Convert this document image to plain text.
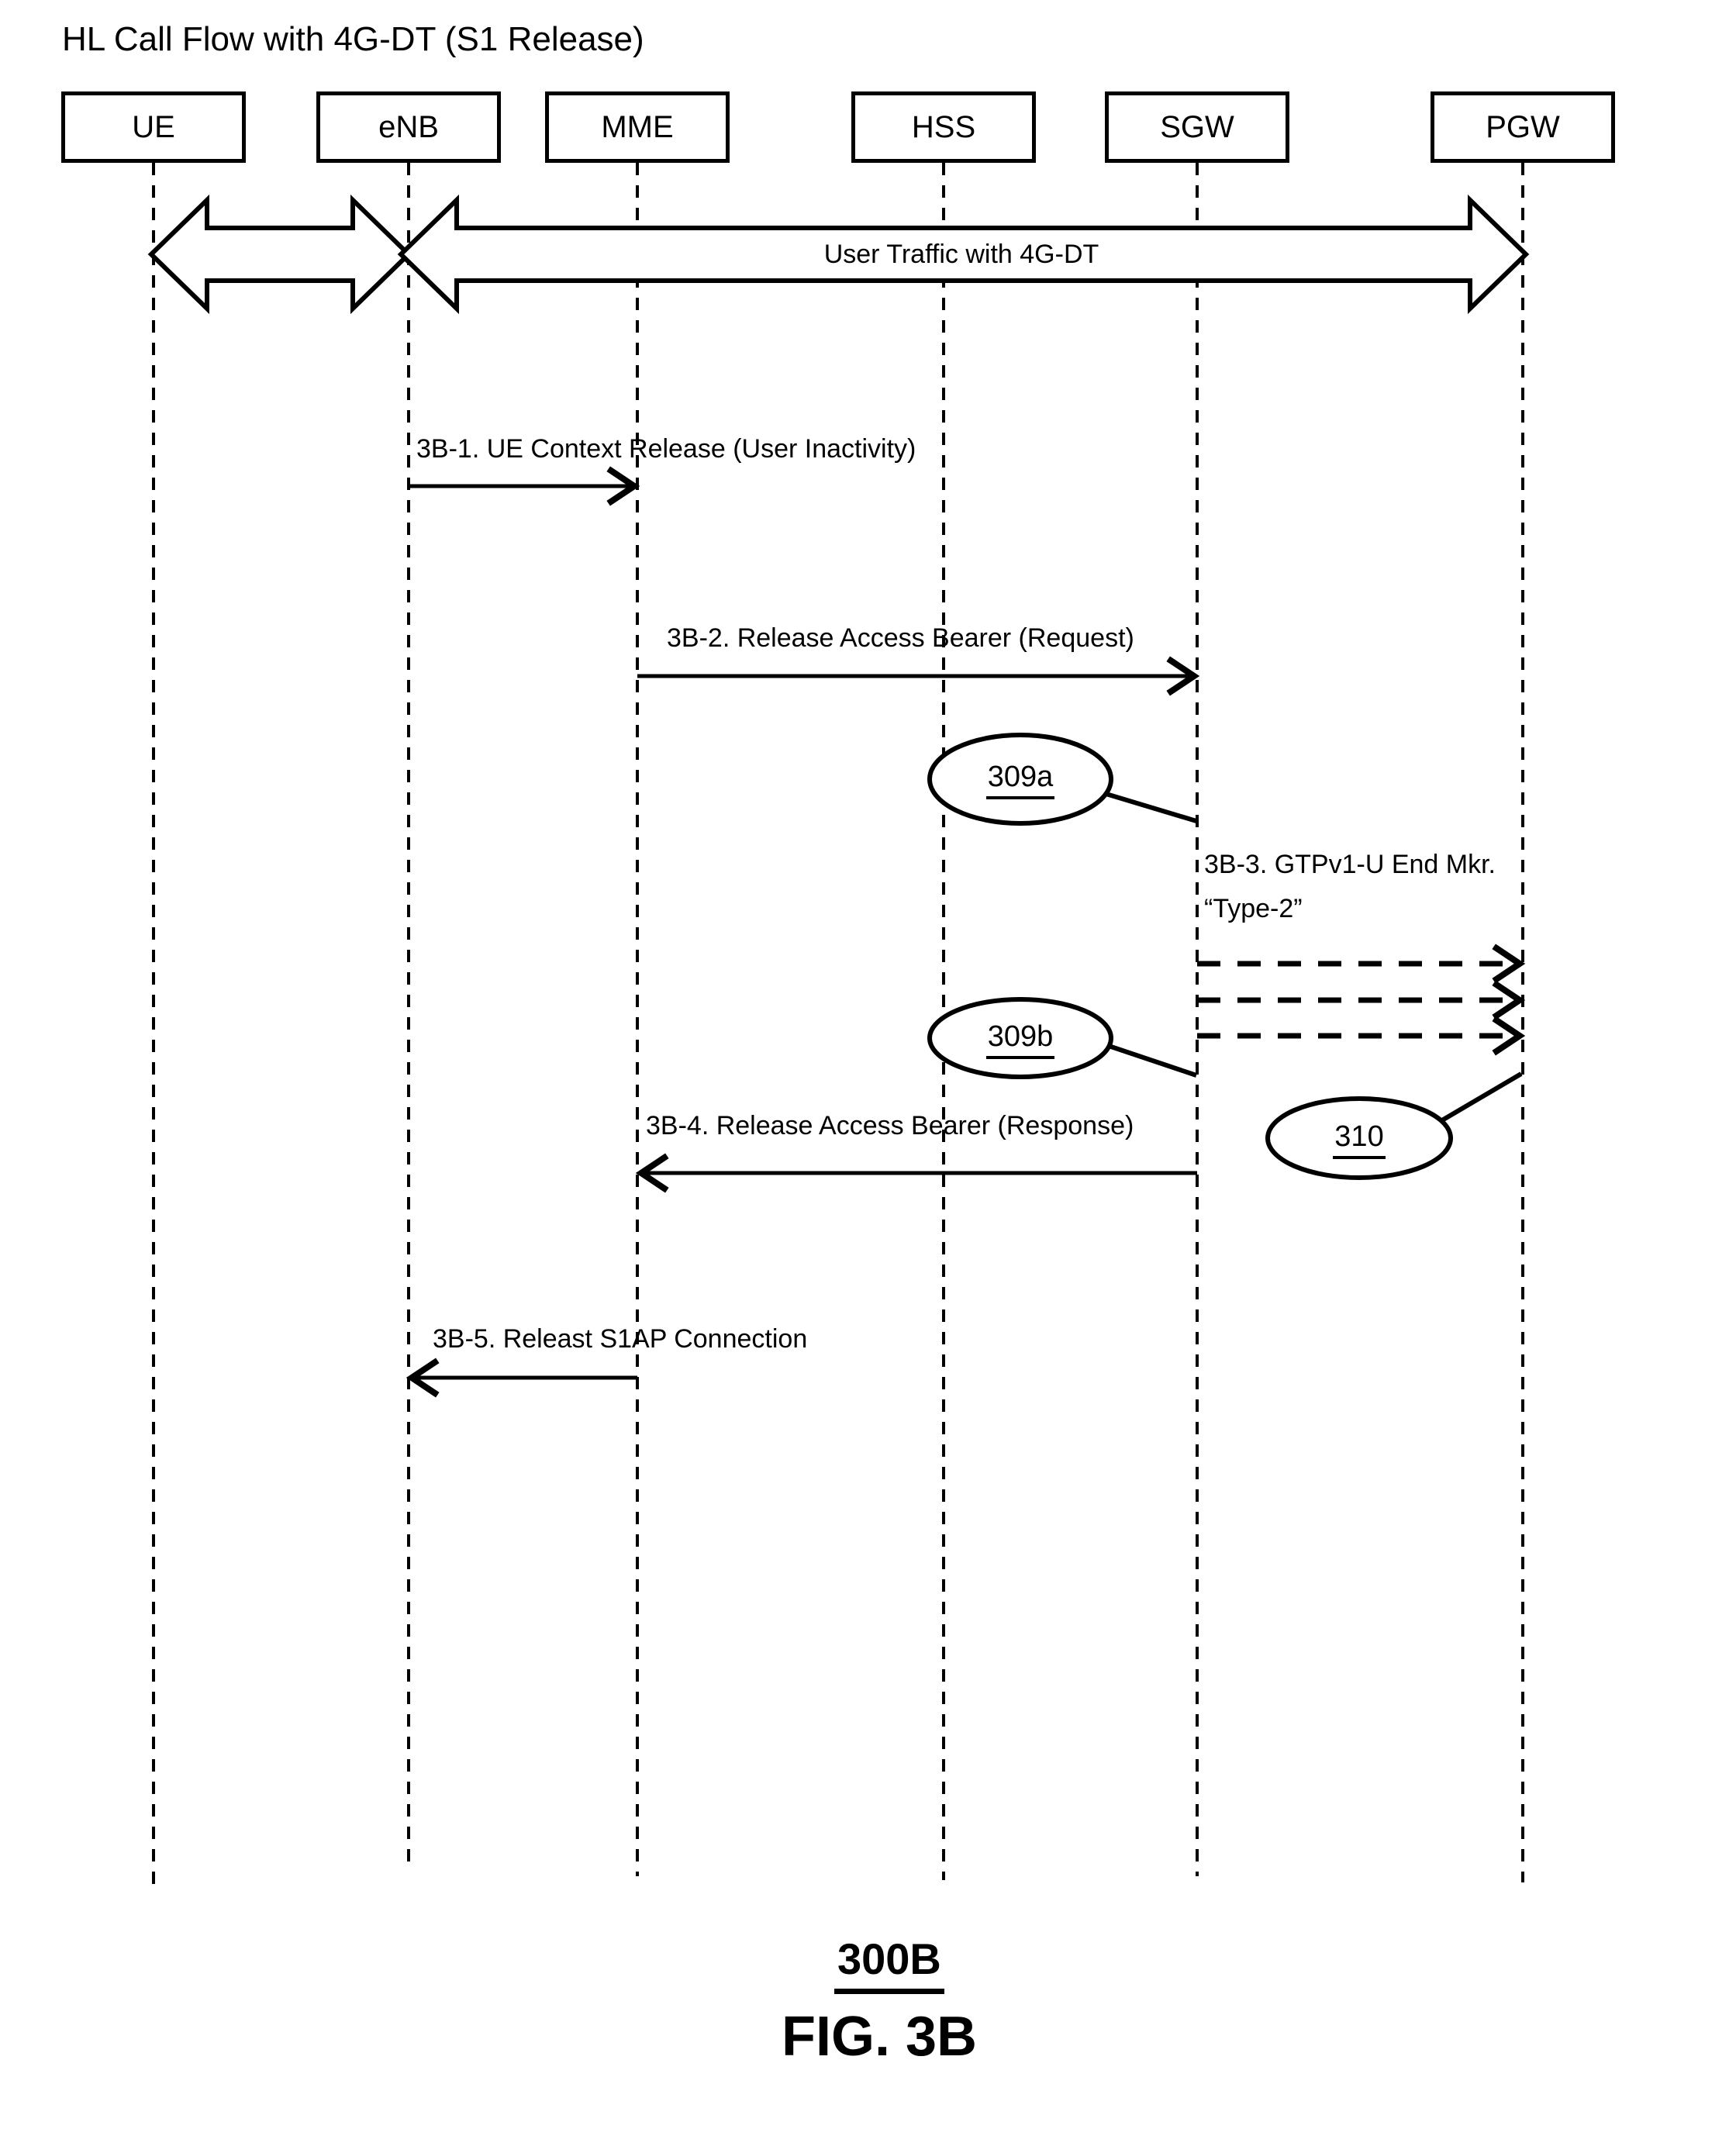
HL Call Flow with 4G-DT (S1 Release)
UE	eNB	MME	HSS	SGW	PGW
User Traffic with 4G-DT
3B-1. UE Context Release (User Inactivity)
3B-2. Release Access Bearer (Request)
3B-3. GTPv1-U End Mkr.
“Type-2”
3B-4. Release Access Bearer (Response)
3B-5. Releast S1AP Connection
309a
309b
310
300B
FIG. 3B
